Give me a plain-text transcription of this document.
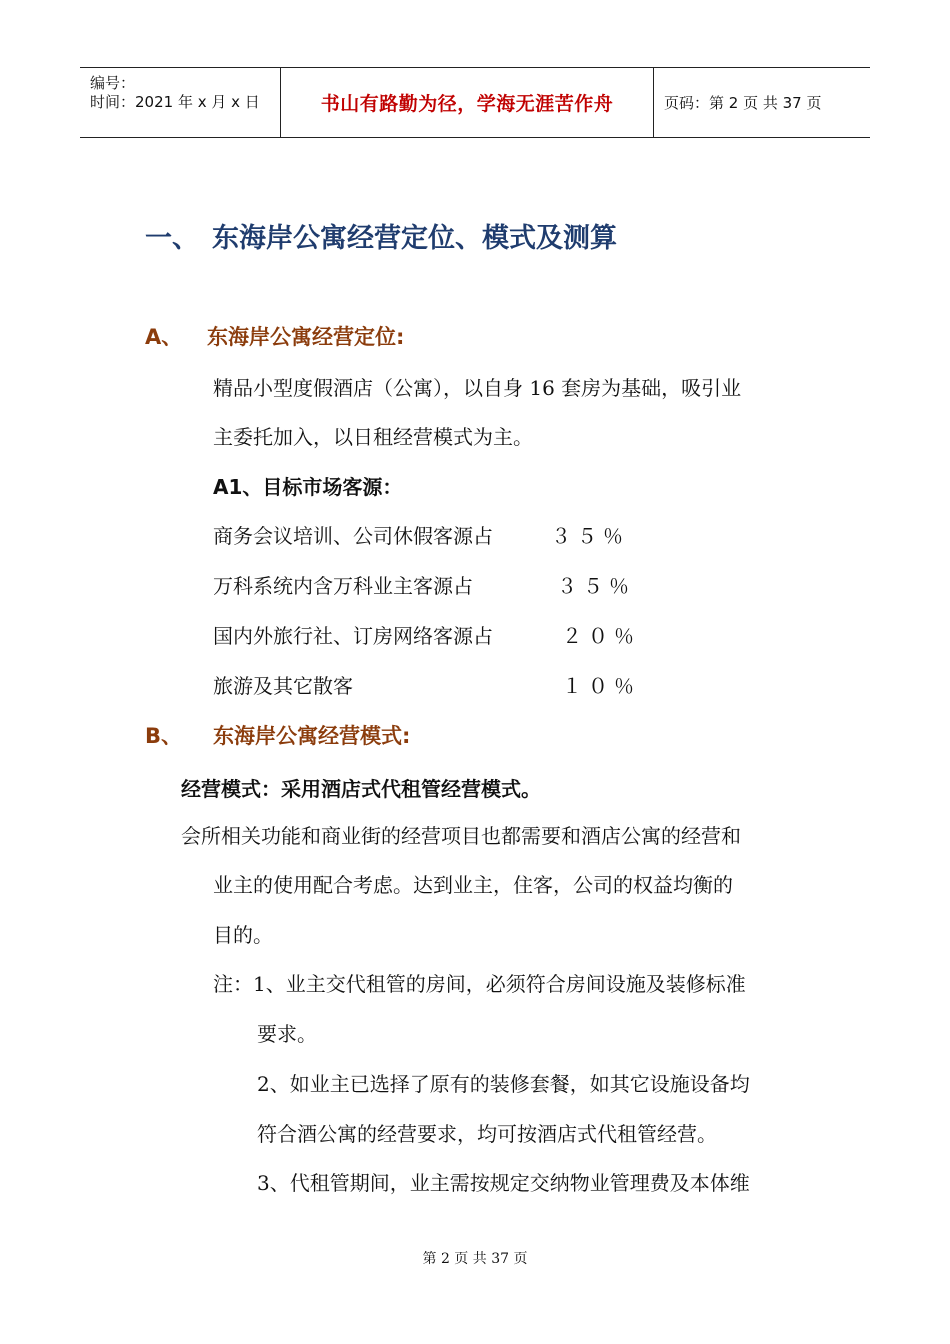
编号：
时间：2021 年 x 月 x 日	书山有路勤为径，学海无涯苦作舟	页码：第 2 页 共 37 页
一、 东海岸公寓经营定位、模式及测算
A、 东海岸公寓经营定位:
精品小型度假酒店（公寓），以自身 16 套房为基础，吸引业
主委托加入，以日租经营模式为主。
A1、目标市场客源：
商务会议培训、公司休假客源占	３５％
万科系统内含万科业主客源占	３５％
国内外旅行社、订房网络客源占	２０％
旅游及其它散客	１０％
B、 东海岸公寓经营模式:
经营模式：采用酒店式代租管经营模式。
会所相关功能和商业街的经营项目也都需要和酒店公寓的经营和
业主的使用配合考虑。达到业主，住客，公司的权益均衡的
目的。
注：1、业主交代租管的房间，必须符合房间设施及装修标准
要求。
2、如业主已选择了原有的装修套餐，如其它设施设备均
符合酒公寓的经营要求，均可按酒店式代租管经营。
3、代租管期间，业主需按规定交纳物业管理费及本体维
第 2 页 共 37 页
